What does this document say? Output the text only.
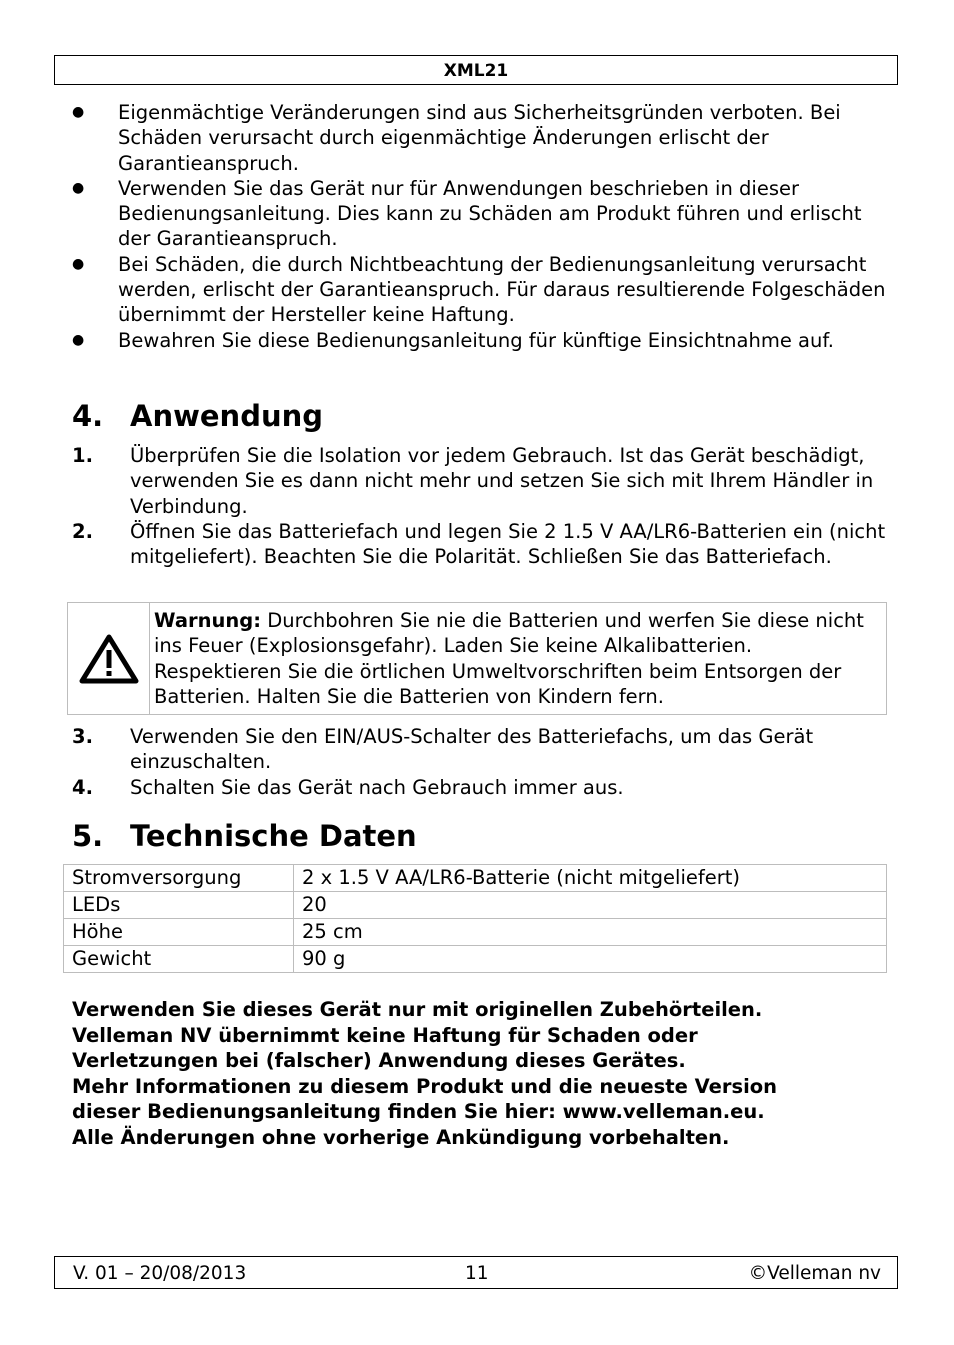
XML21
● Eigenmächtige Veränderungen sind aus Sicherheitsgründen verboten. Bei Schäden verursacht durch eigenmächtige Änderungen erlischt der Garantieanspruch.
● Verwenden Sie das Gerät nur für Anwendungen beschrieben in dieser Bedienungsanleitung. Dies kann zu Schäden am Produkt führen und erlischt der Garantieanspruch.
● Bei Schäden, die durch Nichtbeachtung der Bedienungsanleitung verursacht werden, erlischt der Garantieanspruch. Für daraus resultierende Folgeschäden übernimmt der Hersteller keine Haftung.
● Bewahren Sie diese Bedienungsanleitung für künftige Einsichtnahme auf.
4. Anwendung
1. Überprüfen Sie die Isolation vor jedem Gebrauch. Ist das Gerät beschädigt, verwenden Sie es dann nicht mehr und setzen Sie sich mit Ihrem Händler in Verbindung.
2. Öffnen Sie das Batteriefach und legen Sie 2 1.5 V AA/LR6-Batterien ein (nicht mitgeliefert). Beachten Sie die Polarität. Schließen Sie das Batteriefach.
Warnung: Durchbohren Sie nie die Batterien und werfen Sie diese nicht ins Feuer (Explosionsgefahr). Laden Sie keine Alkalibatterien. Respektieren Sie die örtlichen Umweltvorschriften beim Entsorgen der Batterien. Halten Sie die Batterien von Kindern fern.
3. Verwenden Sie den EIN/AUS-Schalter des Batteriefachs, um das Gerät einzuschalten.
4. Schalten Sie das Gerät nach Gebrauch immer aus.
5. Technische Daten
Stromversorgung	2 x 1.5 V AA/LR6-Batterie (nicht mitgeliefert)
LEDs	20
Höhe	25 cm
Gewicht	90 g
Verwenden Sie dieses Gerät nur mit originellen Zubehörteilen.
Velleman NV übernimmt keine Haftung für Schaden oder
Verletzungen bei (falscher) Anwendung dieses Gerätes.
Mehr Informationen zu diesem Produkt und die neueste Version
dieser Bedienungsanleitung finden Sie hier: www.velleman.eu.
Alle Änderungen ohne vorherige Ankündigung vorbehalten.
V. 01 – 20/08/2013	11	©Velleman nv
